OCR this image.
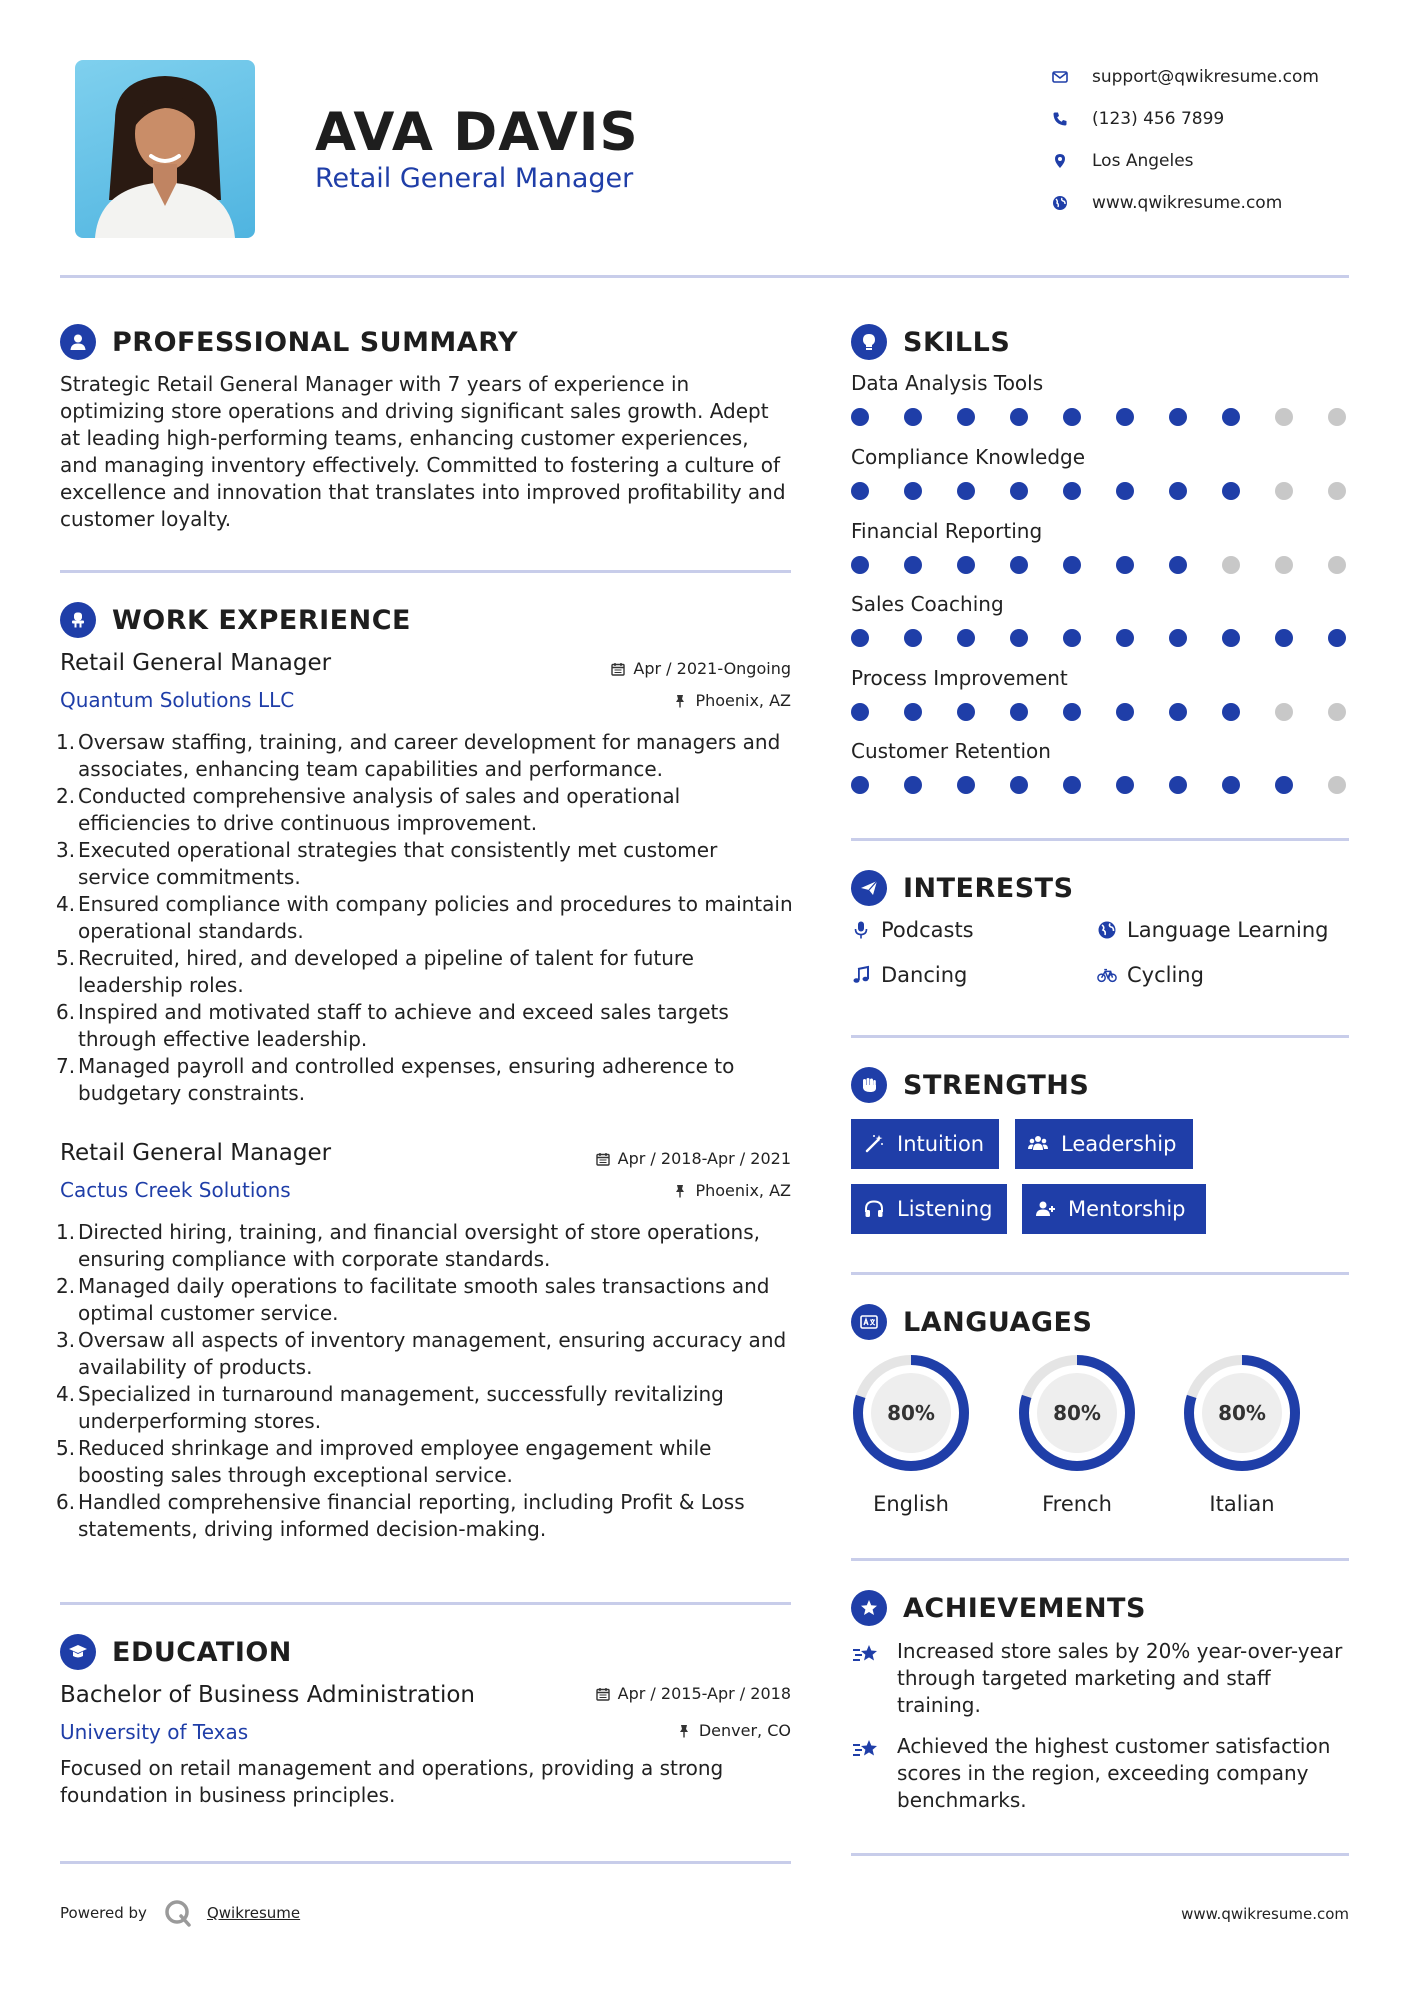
AVA DAVIS
Retail General Manager
support@qwikresume.com
(123) 456 7899
Los Angeles
www.qwikresume.com
PROFESSIONAL SUMMARY
Strategic Retail General Manager with 7 years of experience in optimizing store operations and driving significant sales growth. Adept at leading high-performing teams, enhancing customer experiences, and managing inventory effectively. Committed to fostering a culture of excellence and innovation that translates into improved profitability and customer loyalty.
WORK EXPERIENCE
Retail General Manager
Quantum Solutions LLC
Apr / 2021-Ongoing
Phoenix, AZ
1. Oversaw staffing, training, and career development for managers and associates, enhancing team capabilities and performance.
2. Conducted comprehensive analysis of sales and operational efficiencies to drive continuous improvement.
3. Executed operational strategies that consistently met customer service commitments.
4. Ensured compliance with company policies and procedures to maintain operational standards.
5. Recruited, hired, and developed a pipeline of talent for future leadership roles.
6. Inspired and motivated staff to achieve and exceed sales targets through effective leadership.
7. Managed payroll and controlled expenses, ensuring adherence to budgetary constraints.
Retail General Manager
Cactus Creek Solutions
Apr / 2018-Apr / 2021
Phoenix, AZ
1. Directed hiring, training, and financial oversight of store operations, ensuring compliance with corporate standards.
2. Managed daily operations to facilitate smooth sales transactions and optimal customer service.
3. Oversaw all aspects of inventory management, ensuring accuracy and availability of products.
4. Specialized in turnaround management, successfully revitalizing underperforming stores.
5. Reduced shrinkage and improved employee engagement while boosting sales through exceptional service.
6. Handled comprehensive financial reporting, including Profit & Loss statements, driving informed decision-making.
EDUCATION
Bachelor of Business Administration
University of Texas
Apr / 2015-Apr / 2018
Denver, CO
Focused on retail management and operations, providing a strong foundation in business principles.
SKILLS
Data Analysis Tools
Compliance Knowledge
Financial Reporting
Sales Coaching
Process Improvement
Customer Retention
INTERESTS
Podcasts	Language Learning
Dancing	Cycling
STRENGTHS
Intuition	Leadership
Listening	Mentorship
LANGUAGES
80%
English
80%
French
80%
Italian
ACHIEVEMENTS
Increased store sales by 20% year-over-year through targeted marketing and staff training.
Achieved the highest customer satisfaction scores in the region, exceeding company benchmarks.
Powered by	Qwikresume	www.qwikresume.com
